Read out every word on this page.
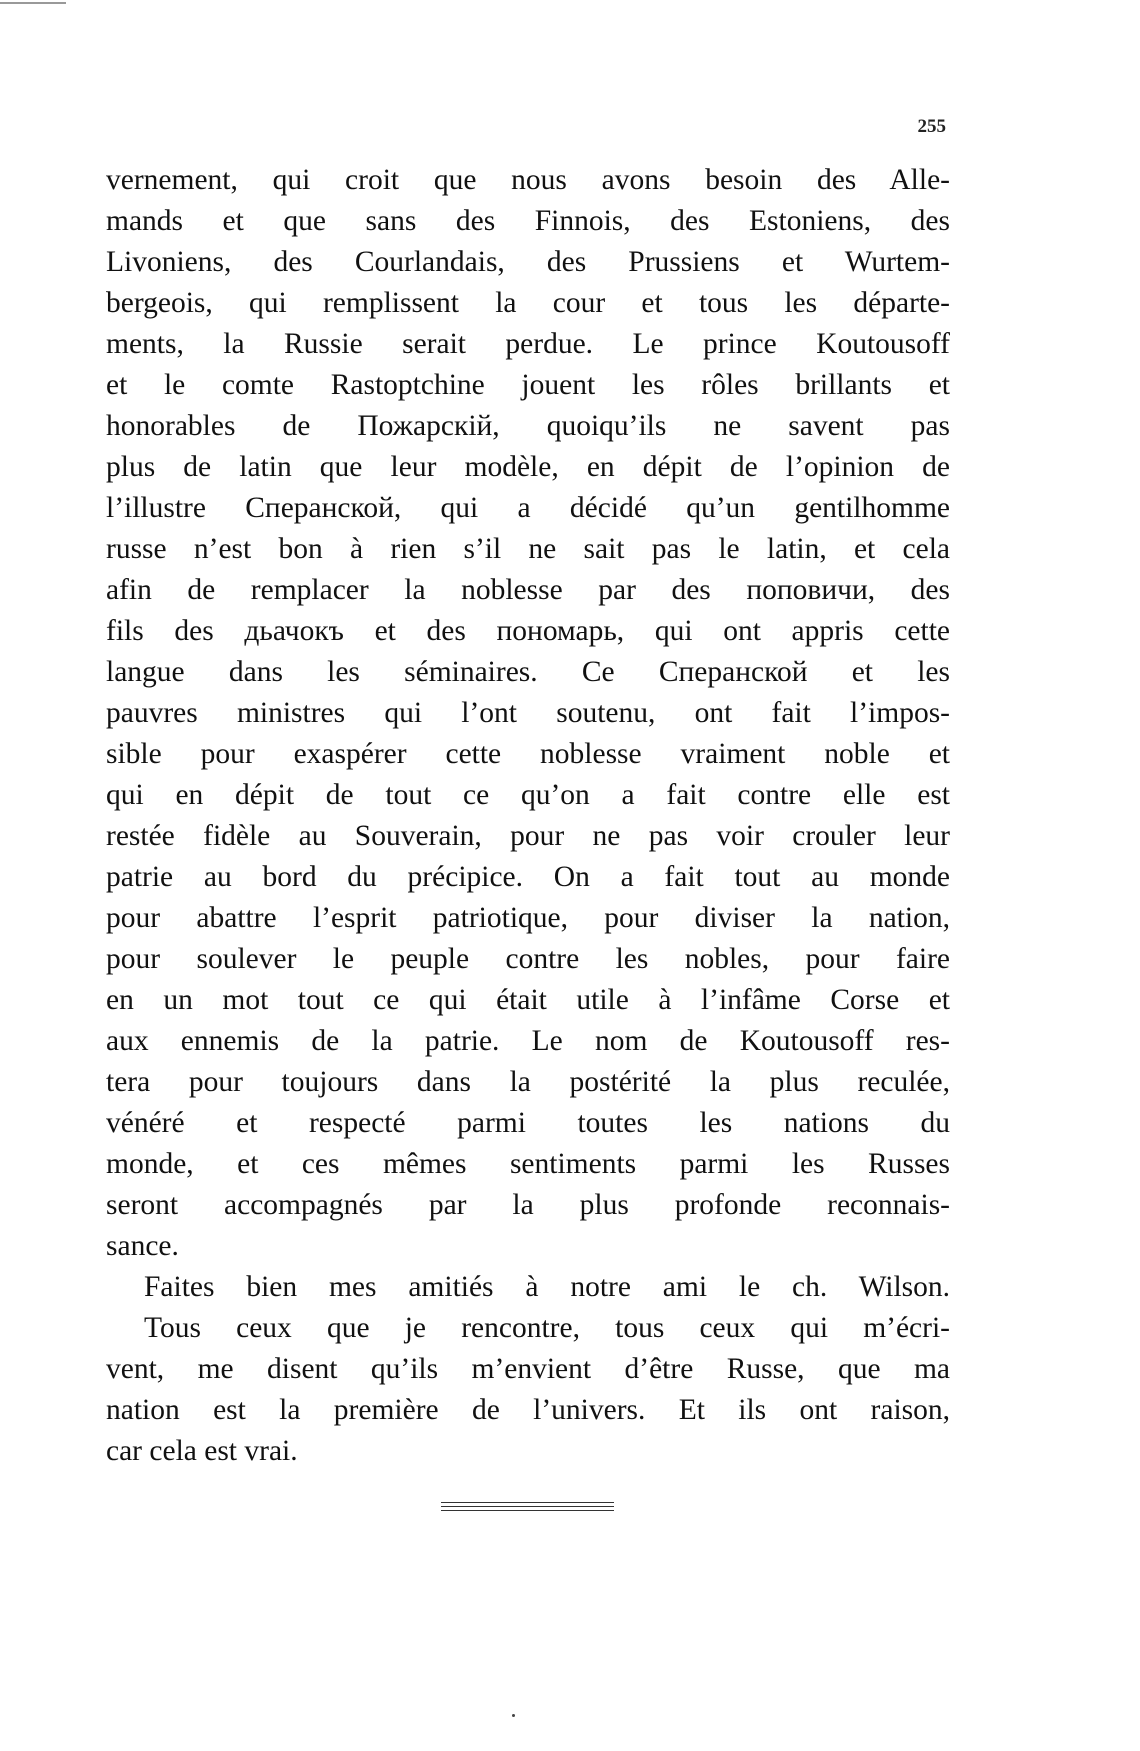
255
vernement, qui croit que nous avons besoin des Alle-
mands et que sans des Finnois, des Estoniens, des
Livoniens, des Courlandais, des Prussiens et Wurtem-
bergeois, qui remplissent la cour et tous les départe-
ments, la Russie serait perdue. Le prince Koutousoff
et le comte Rastoptchine jouent les rôles brillants et
honorables de Пожарскій, quoiqu’ils ne savent pas
plus de latin que leur modèle, en dépit de l’opinion de
l’illustre Сперанской, qui a décidé qu’un gentilhomme
russe n’est bon à rien s’il ne sait pas le latin, et cela
afin de remplacer la noblesse par des поповичи, des
fils des дьачокъ et des пономарь, qui ont appris cette
langue dans les séminaires. Ce Сперанской et les
pauvres ministres qui l’ont soutenu, ont fait l’impos-
sible pour exaspérer cette noblesse vraiment noble et
qui en dépit de tout ce qu’on a fait contre elle est
restée fidèle au Souverain, pour ne pas voir crouler leur
patrie au bord du précipice. On a fait tout au monde
pour abattre l’esprit patriotique, pour diviser la nation,
pour soulever le peuple contre les nobles, pour faire
en un mot tout ce qui était utile à l’infâme Corse et
aux ennemis de la patrie. Le nom de Koutousoff res-
tera pour toujours dans la postérité la plus reculée,
vénéré et respecté parmi toutes les nations du
monde, et ces mêmes sentiments parmi les Russes
seront accompagnés par la plus profonde reconnais-
sance.
Faites bien mes amitiés à notre ami le ch. Wilson.
Tous ceux que je rencontre, tous ceux qui m’écri-
vent, me disent qu’ils m’envient d’être Russe, que ma
nation est la première de l’univers. Et ils ont raison,
car cela est vrai.
